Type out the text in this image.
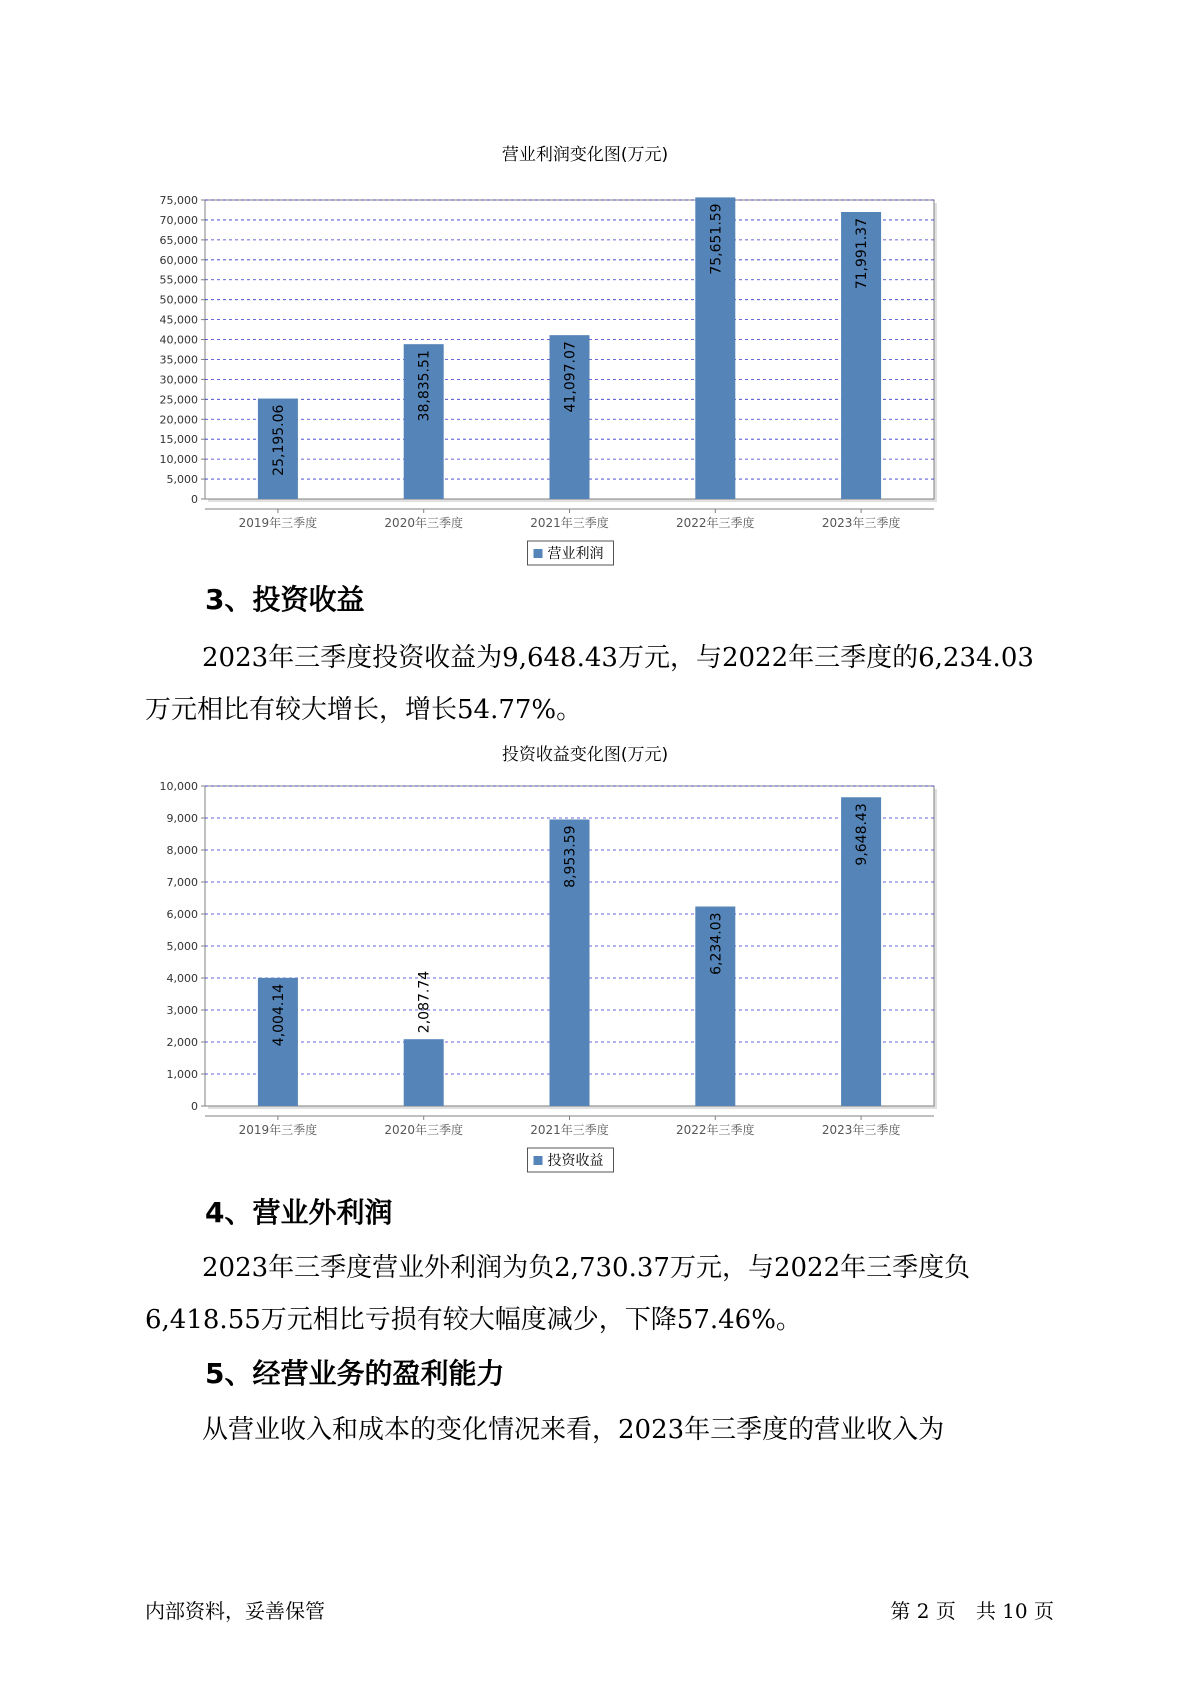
营业利润变化图(万元)
0
5,000
10,000
15,000
20,000
25,000
30,000
35,000
40,000
45,000
50,000
55,000
60,000
65,000
70,000
75,000
25,195.06
38,835.51	41,097.07
75,651.59	71,991.37
2019年三季度	2020年三季度	2021年三季度	2022年三季度	2023年三季度
营业利润
3、投资收益
2023年三季度投资收益为9,648.43万元，与2022年三季度的6,234.03万元相比有较大增长，增长54.77%。
投资收益变化图(万元)
0
1,000
2,000
3,000
4,000
5,000
6,000
7,000
8,000
9,000
10,000
4,004.14	2,087.74
8,953.59
6,234.03
9,648.43
2019年三季度	2020年三季度	2021年三季度	2022年三季度	2023年三季度
投资收益
4、营业外利润
2023年三季度营业外利润为负2,730.37万元，与2022年三季度负6,418.55万元相比亏损有较大幅度减少，下降57.46%。
5、经营业务的盈利能力
从营业收入和成本的变化情况来看，2023年三季度的营业收入为
内部资料，妥善保管	第 2 页　共 10 页
